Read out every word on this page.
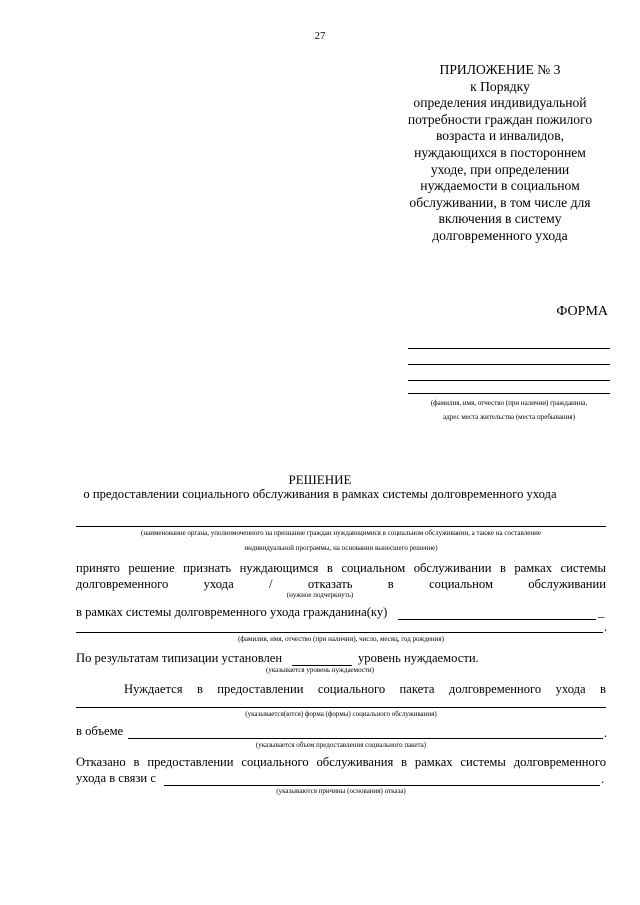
27
ПРИЛОЖЕНИЕ № 3
к Порядку
определения индивидуальной
потребности граждан пожилого
возраста и инвалидов,
нуждающихся в постороннем
уходе, при определении
нуждаемости в социальном
обслуживании, в том числе для
включения в систему
долговременного ухода
ФОРМА
(фамилия, имя, отчество (при наличии) гражданина,
адрес места жительства (места пребывания)
РЕШЕНИЕ
о предоставлении социального обслуживания в рамках системы долговременного ухода
(наименование органа, уполномоченного на признание граждан нуждающимися в социальном обслуживании, а также на составление
индивидуальной программы, на основании вынесшего решение)
принято решение признать нуждающимся в социальном обслуживании в рамках системы
долговременного ухода / отказать в социальном обслуживании
(нужное подчеркнуть)
в рамках системы долговременного ухода гражданина(ку)	_
.
(фамилия, имя, отчество (при наличии), число, месяц, год рождения)
По результатам типизации установлен	уровень нуждаемости.
(указывается уровень нуждаемости)
Нуждается в предоставлении социального пакета долговременного ухода в
(указывается(ются) форма (формы) социального обслуживания)
в объеме	.
(указывается объем предоставления социального пакета)
Отказано в предоставлении социального обслуживания в рамках системы долговременного
ухода в связи с	.
(указываются причины (основания) отказа)
